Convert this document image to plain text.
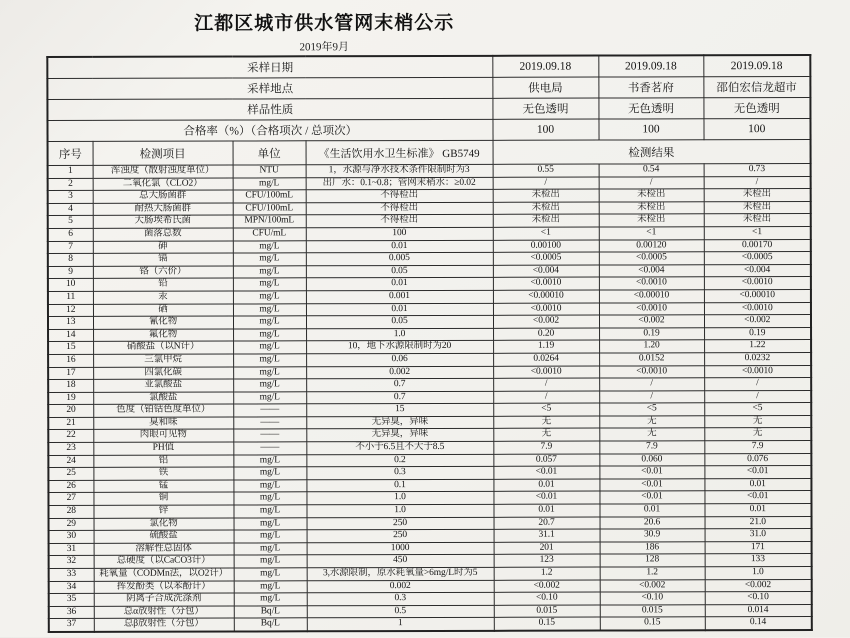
江都区城市供水管网末梢公示
2019年9月
采样日期				2019.09.18	2019.09.18	2019.09.18
采样地点				供电局	书香茗府	邵伯宏信龙超市
样品性质				无色透明	无色透明	无色透明
合格率（%）（合格项次 / 总项次）				100	100	100
序号	检测项目	单位	《生活饮用水卫生标准》 GB5749	检测结果		
1	浑浊度（散射浊度单位）	NTU	1，水源与净水技术条件限制时为3	0.55	0.54	0.73
2	二氧化氯（CLO2）	mg/L	出厂水：0.1~0.8；管网末稍水：≥0.02	/	/	/
3	总大肠菌群	CFU/100mL	不得检出	未检出	未检出	未检出
4	耐热大肠菌群	CFU/100mL	不得检出	未检出	未检出	未检出
5	大肠埃希氏菌	MPN/100mL	不得检出	未检出	未检出	未检出
6	菌落总数	CFU/mL	100	<1	<1	<1
7	砷	mg/L	0.01	0.00100	0.00120	0.00170
8	镉	mg/L	0.005	<0.0005	<0.0005	<0.0005
9	铬（六价）	mg/L	0.05	<0.004	<0.004	<0.004
10	铅	mg/L	0.01	<0.0010	<0.0010	<0.0010
11	汞	mg/L	0.001	<0.00010	<0.00010	<0.00010
12	硒	mg/L	0.01	<0.0010	<0.0010	<0.0010
13	氰化物	mg/L	0.05	<0.002	<0.002	<0.002
14	氟化物	mg/L	1.0	0.20	0.19	0.19
15	硝酸盐（以N计）	mg/L	10，地下水源限制时为20	1.19	1.20	1.22
16	三氯甲烷	mg/L	0.06	0.0264	0.0152	0.0232
17	四氯化碳	mg/L	0.002	<0.0010	<0.0010	<0.0010
18	亚氯酸盐	mg/L	0.7	/	/	/
19	氯酸盐	mg/L	0.7	/	/	/
20	色度（铂钴色度单位）	——	15	<5	<5	<5
21	臭和味	——	无异臭，异味	无	无	无
22	肉眼可见物	——	无异臭，异味	无	无	无
23	PH值	——	不小于6.5且不大于8.5	7.9	7.9	7.9
24	铝	mg/L	0.2	0.057	0.060	0.076
25	铁	mg/L	0.3	<0.01	<0.01	<0.01
26	锰	mg/L	0.1	0.01	<0.01	0.01
27	铜	mg/L	1.0	<0.01	<0.01	<0.01
28	锌	mg/L	1.0	0.01	0.01	0.01
29	氯化物	mg/L	250	20.7	20.6	21.0
30	硫酸盐	mg/L	250	31.1	30.9	31.0
31	溶解性总固体	mg/L	1000	201	186	171
32	总硬度（以CaCO3计）	mg/L	450	123	128	133
33	耗氧量（CODMn法，以O2计）	mg/L	3,水源限制，原水耗氧量>6mg/L时为5	1.2	1.2	1.0
34	挥发酚类（以苯酚计）	mg/L	0.002	<0.002	<0.002	<0.002
35	阴离子合成洗涤剂	mg/L	0.3	<0.10	<0.10	<0.10
36	总α放射性（分包）	Bq/L	0.5	0.015	0.015	0.014
37	总β放射性（分包）	Bq/L	1	0.15	0.15	0.14
